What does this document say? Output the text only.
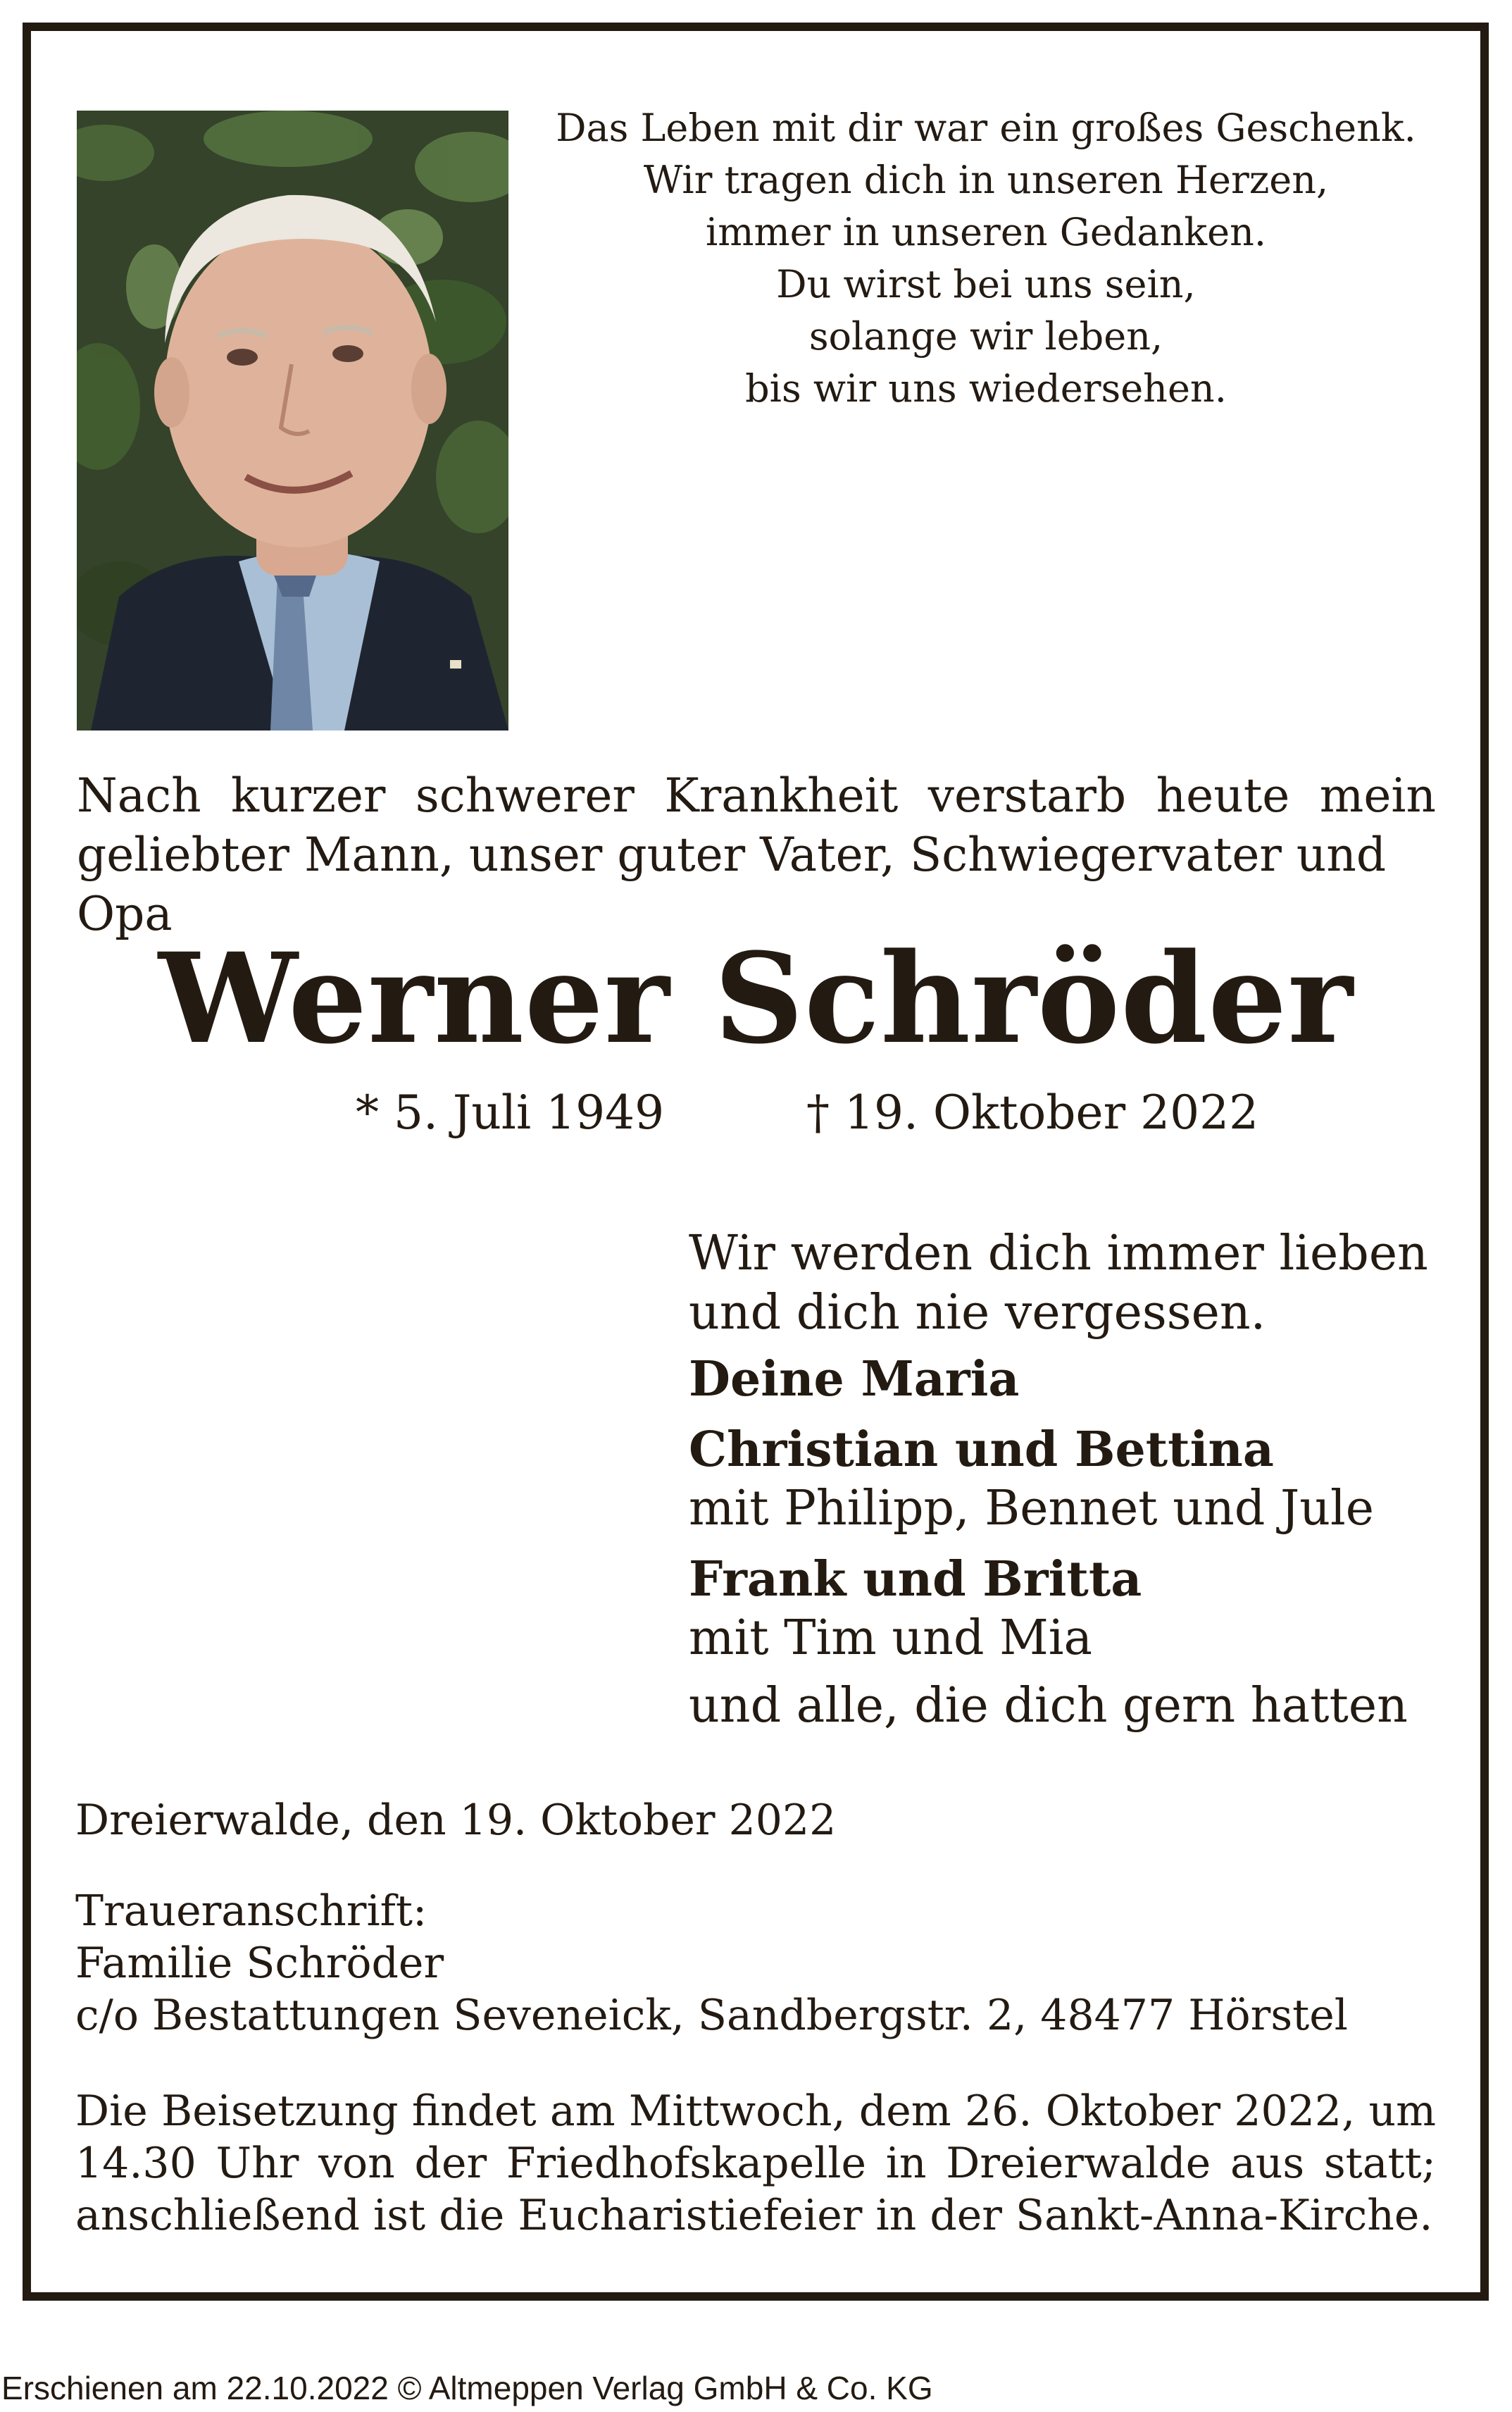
Das Leben mit dir war ein großes Geschenk.
Wir tragen dich in unseren Herzen,
immer in unseren Gedanken.
Du wirst bei uns sein,
solange wir leben,
bis wir uns wiedersehen.
Nach kurzer schwerer Krankheit verstarb heute mein
geliebter Mann, unser guter Vater, Schwiegervater und Opa
Werner Schröder
* 5. Juli 1949	† 19. Oktober 2022
Wir werden dich immer lieben
und dich nie vergessen.
Deine Maria
Christian und Bettina
mit Philipp, Bennet und Jule
Frank und Britta
mit Tim und Mia
und alle, die dich gern hatten
Dreierwalde, den 19. Oktober 2022
Traueranschrift:
Familie Schröder
c/o Bestattungen Seveneick, Sandbergstr. 2, 48477 Hörstel
Die Beisetzung findet am Mittwoch, dem 26. Oktober 2022, um
14.30 Uhr von der Friedhofskapelle in Dreierwalde aus statt;
anschließend ist die Eucharistiefeier in der Sankt-Anna-Kirche.
Erschienen am 22.10.2022 © Altmeppen Verlag GmbH & Co. KG
